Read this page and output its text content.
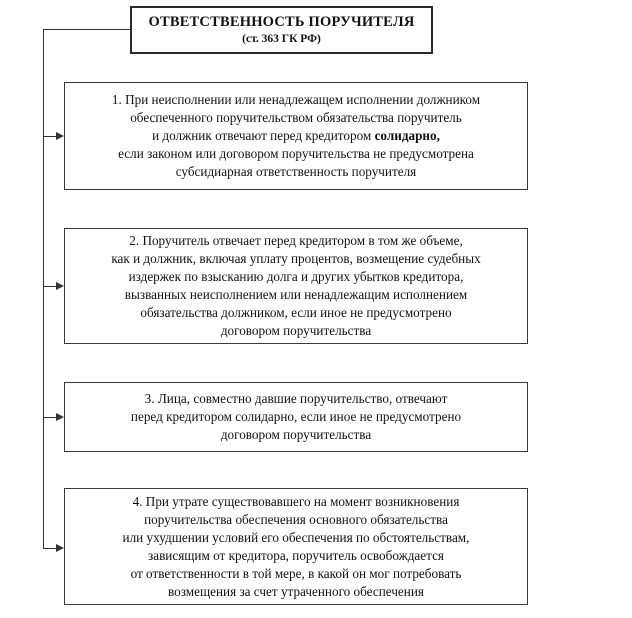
ОТВЕТСТВЕННОСТЬ ПОРУЧИТЕЛЯ
(ст. 363 ГК РФ)
1. При неисполнении или ненадлежащем исполнении должником
обеспеченного поручительством обязательства поручитель
и должник отвечают перед кредитором солидарно,
если законом или договором поручительства не предусмотрена
субсидиарная ответственность поручителя
2. Поручитель отвечает перед кредитором в том же объеме,
как и должник, включая уплату процентов, возмещение судебных
издержек по взысканию долга и других убытков кредитора,
вызванных неисполнением или ненадлежащим исполнением
обязательства должником, если иное не предусмотрено
договором поручительства
3. Лица, совместно давшие поручительство, отвечают
перед кредитором солидарно, если иное не предусмотрено
договором поручительства
4. При утрате существовавшего на момент возникновения
поручительства обеспечения основного обязательства
или ухудшении условий его обеспечения по обстоятельствам,
зависящим от кредитора, поручитель освобождается
от ответственности в той мере, в какой он мог потребовать
возмещения за счет утраченного обеспечения
